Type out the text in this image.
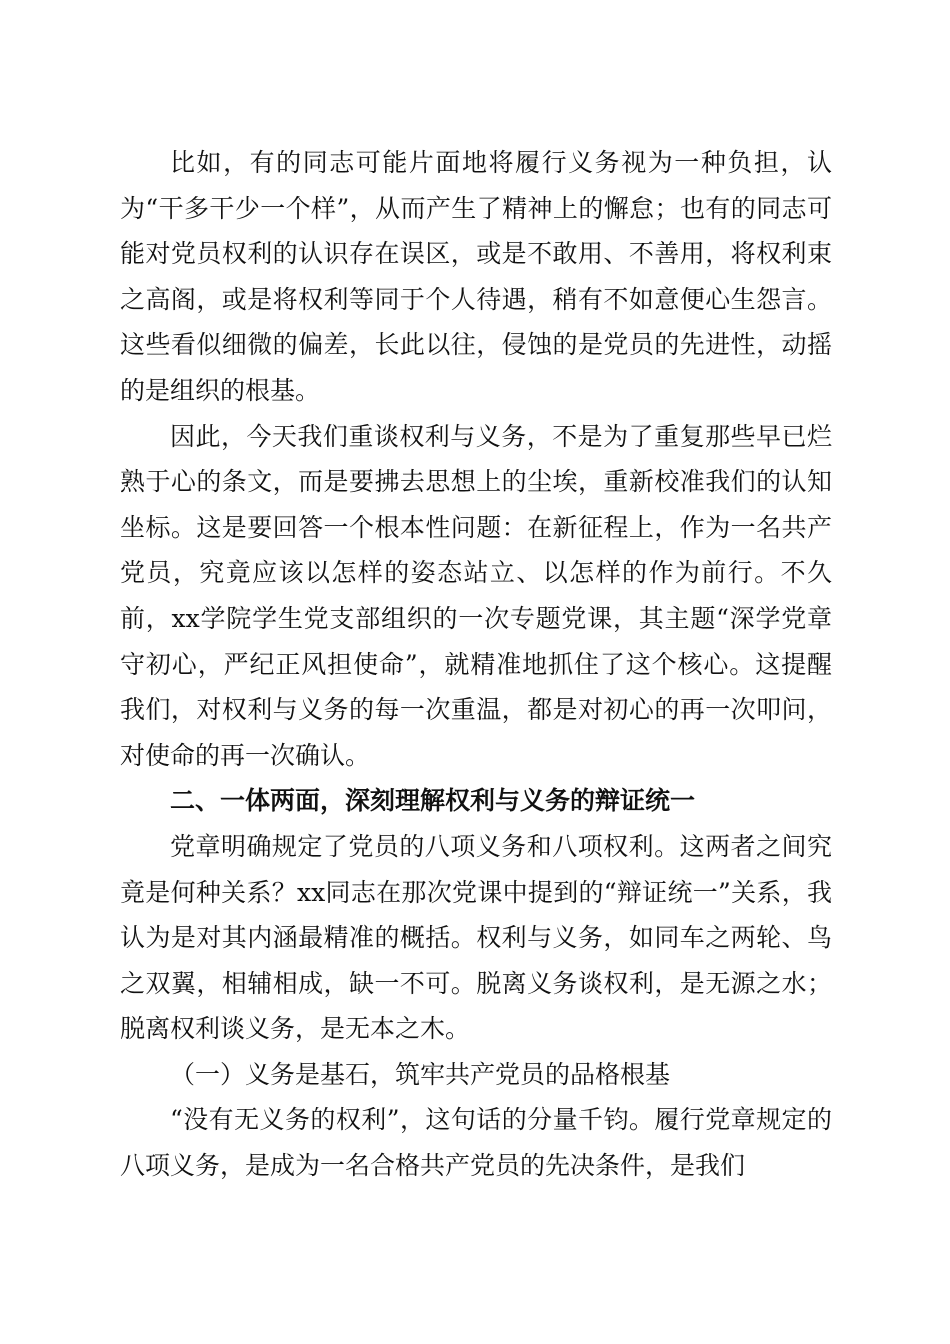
比如，有的同志可能片面地将履行义务视为一种负担，认为“干多干少一个样”，从而产生了精神上的懈怠；也有的同志可能对党员权利的认识存在误区，或是不敢用、不善用，将权利束之高阁，或是将权利等同于个人待遇，稍有不如意便心生怨言。这些看似细微的偏差，长此以往，侵蚀的是党员的先进性，动摇的是组织的根基。

因此，今天我们重谈权利与义务，不是为了重复那些早已烂熟于心的条文，而是要拂去思想上的尘埃，重新校准我们的认知坐标。这是要回答一个根本性问题：在新征程上，作为一名共产党员，究竟应该以怎样的姿态站立、以怎样的作为前行。不久前，xx学院学生党支部组织的一次专题党课，其主题“深学党章守初心，严纪正风担使命”，就精准地抓住了这个核心。这提醒我们，对权利与义务的每一次重温，都是对初心的再一次叩问，对使命的再一次确认。

二、一体两面，深刻理解权利与义务的辩证统一

党章明确规定了党员的八项义务和八项权利。这两者之间究竟是何种关系？xx同志在那次党课中提到的“辩证统一”关系，我认为是对其内涵最精准的概括。权利与义务，如同车之两轮、鸟之双翼，相辅相成，缺一不可。脱离义务谈权利，是无源之水；脱离权利谈义务，是无本之木。

（一）义务是基石，筑牢共产党员的品格根基

“没有无义务的权利”，这句话的分量千钧。履行党章规定的八项义务，是成为一名合格共产党员的先决条件，是我们
